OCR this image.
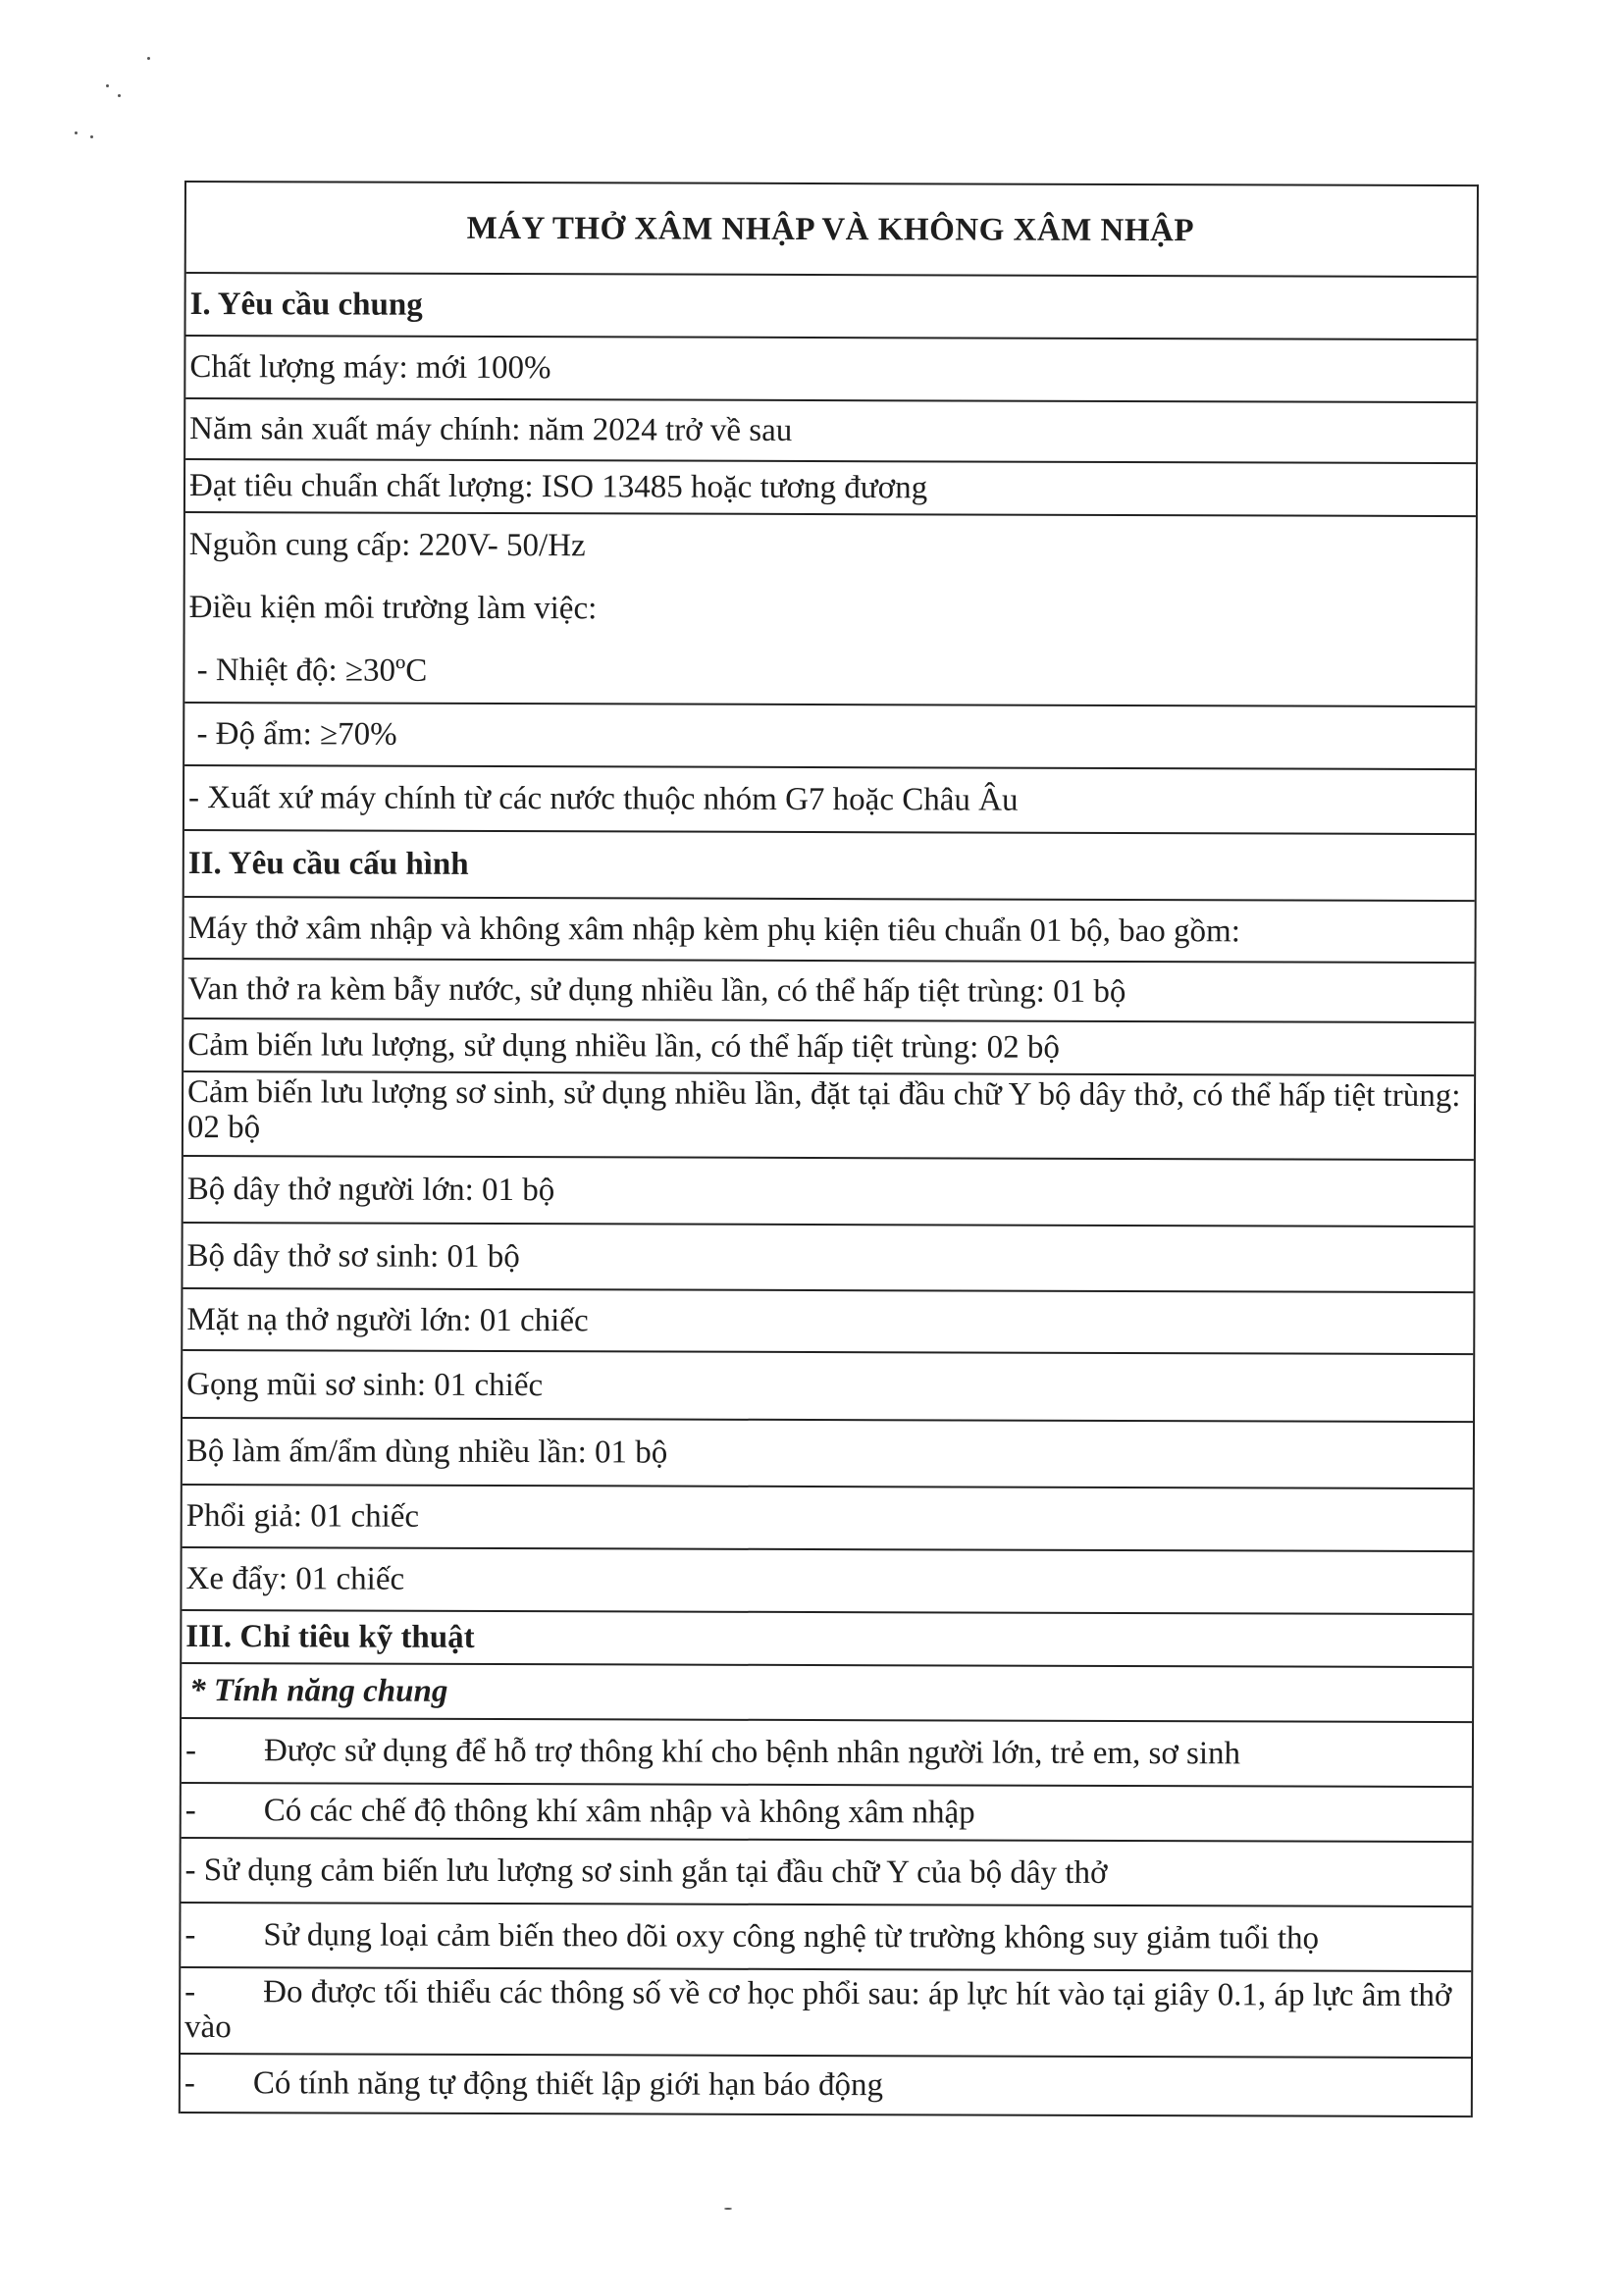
MÁY THỞ XÂM NHẬP VÀ KHÔNG XÂM NHẬP
I. Yêu cầu chung
Chất lượng máy: mới 100%
Năm sản xuất máy chính: năm 2024 trở về sau
Đạt tiêu chuẩn chất lượng: ISO 13485 hoặc tương đương
Nguồn cung cấp: 220V- 50/Hz
Điều kiện môi trường làm việc:
- Nhiệt độ: ≥30ºC
- Độ ẩm: ≥70%
- Xuất xứ máy chính từ các nước thuộc nhóm G7 hoặc Châu Âu
II. Yêu cầu cấu hình
Máy thở xâm nhập và không xâm nhập kèm phụ kiện tiêu chuẩn 01 bộ, bao gồm:
Van thở ra kèm bẫy nước, sử dụng nhiều lần, có thể hấp tiệt trùng: 01 bộ
Cảm biến lưu lượng, sử dụng nhiều lần, có thể hấp tiệt trùng: 02 bộ
Cảm biến lưu lượng sơ sinh, sử dụng nhiều lần, đặt tại đầu chữ Y bộ dây thở, có thể hấp tiệt trùng: 02 bộ
Bộ dây thở người lớn: 01 bộ
Bộ dây thở sơ sinh: 01 bộ
Mặt nạ thở người lớn: 01 chiếc
Gọng mũi sơ sinh: 01 chiếc
Bộ làm ấm/ẩm dùng nhiều lần: 01 bộ
Phổi giả: 01 chiếc
Xe đẩy: 01 chiếc
III. Chỉ tiêu kỹ thuật
* Tính năng chung
-	Được sử dụng để hỗ trợ thông khí cho bệnh nhân người lớn, trẻ em, sơ sinh
-	Có các chế độ thông khí xâm nhập và không xâm nhập
- Sử dụng cảm biến lưu lượng sơ sinh gắn tại đầu chữ Y của bộ dây thở
-	Sử dụng loại cảm biến theo dõi oxy công nghệ từ trường không suy giảm tuổi thọ
- Đo được tối thiểu các thông số về cơ học phổi sau: áp lực hít vào tại giây 0.1, áp lực âm thở vào
-	Có tính năng tự động thiết lập giới hạn báo động
